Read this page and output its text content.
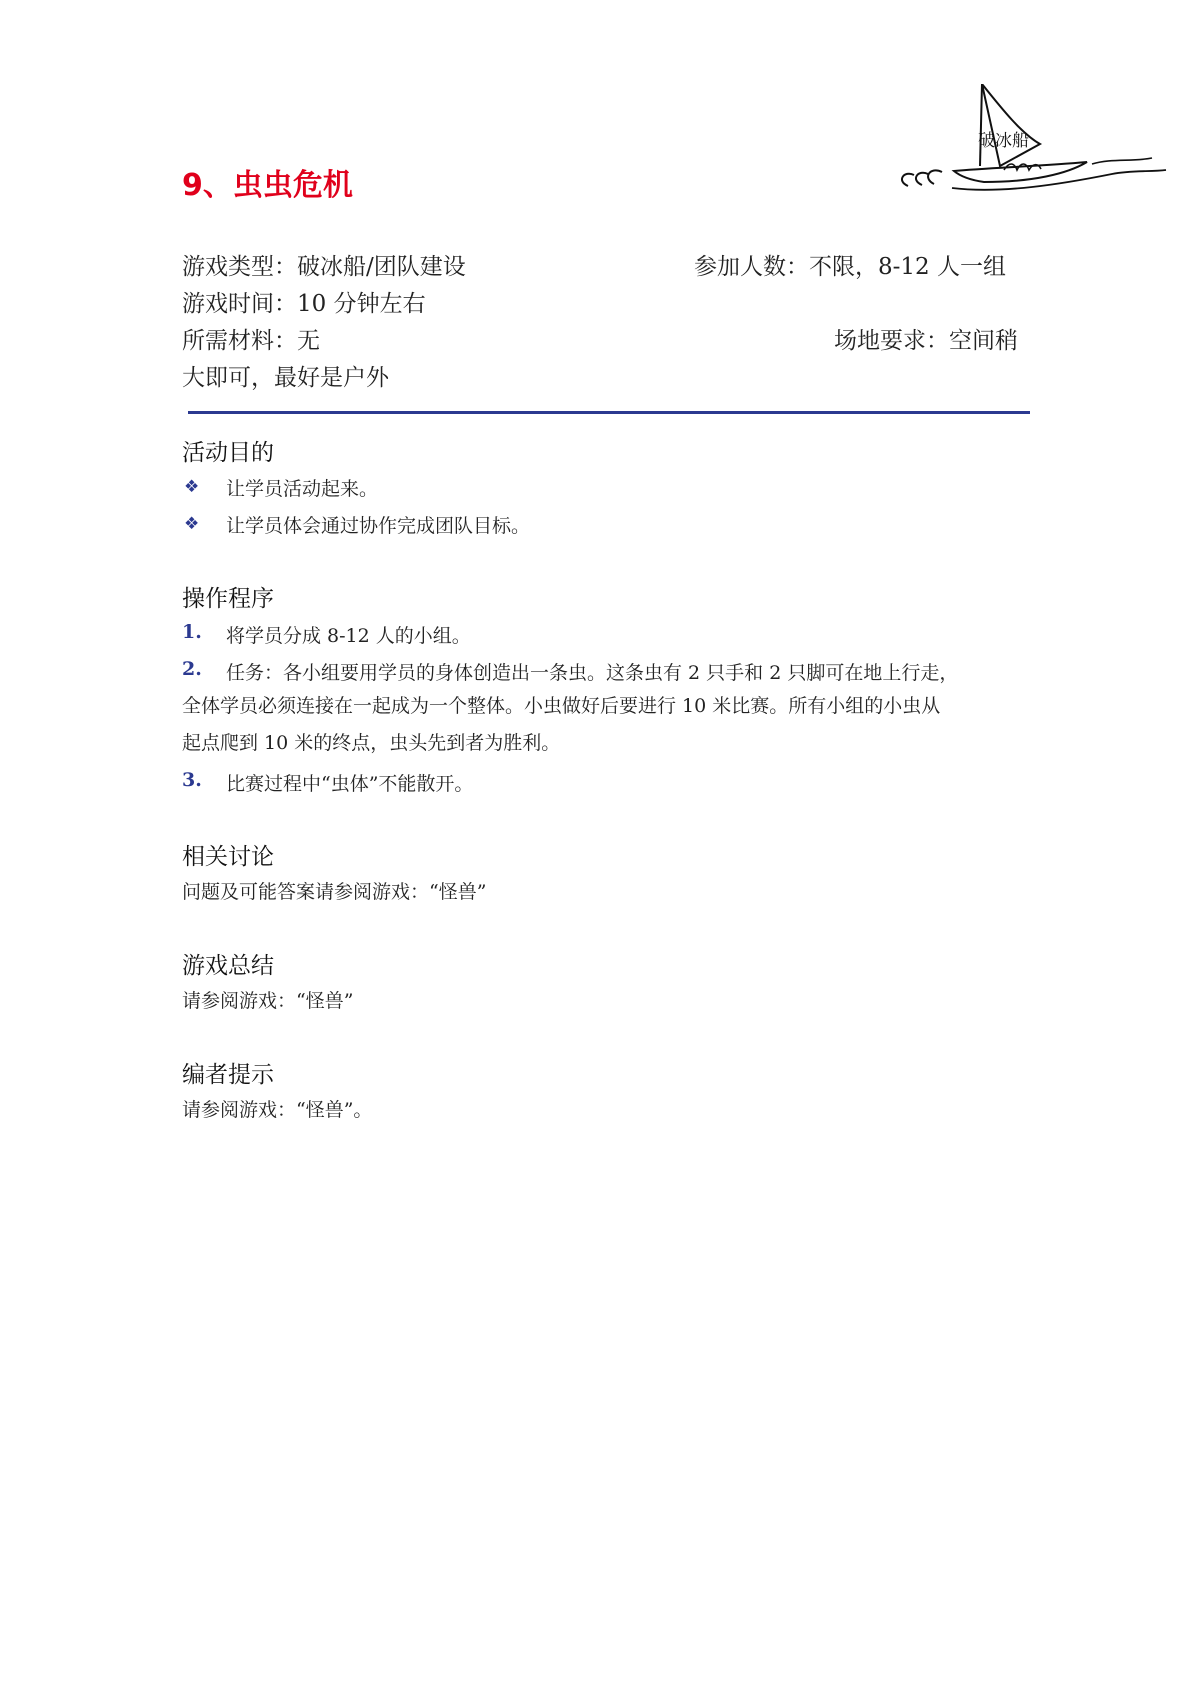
破冰船
9、虫虫危机
游戏类型：破冰船/团队建设	参加人数：不限，8-12 人一组
游戏时间：10 分钟左右
所需材料：无	场地要求：空间稍
大即可，最好是户外
活动目的
❖ 让学员活动起来。
❖ 让学员体会通过协作完成团队目标。
操作程序
1. 将学员分成 8-12 人的小组。
2. 任务：各小组要用学员的身体创造出一条虫。这条虫有 2 只手和 2 只脚可在地上行走，
全体学员必须连接在一起成为一个整体。小虫做好后要进行 10 米比赛。所有小组的小虫从
起点爬到 10 米的终点，虫头先到者为胜利。
3. 比赛过程中“虫体”不能散开。
相关讨论
问题及可能答案请参阅游戏：“怪兽”
游戏总结
请参阅游戏：“怪兽”
编者提示
请参阅游戏：“怪兽”。
